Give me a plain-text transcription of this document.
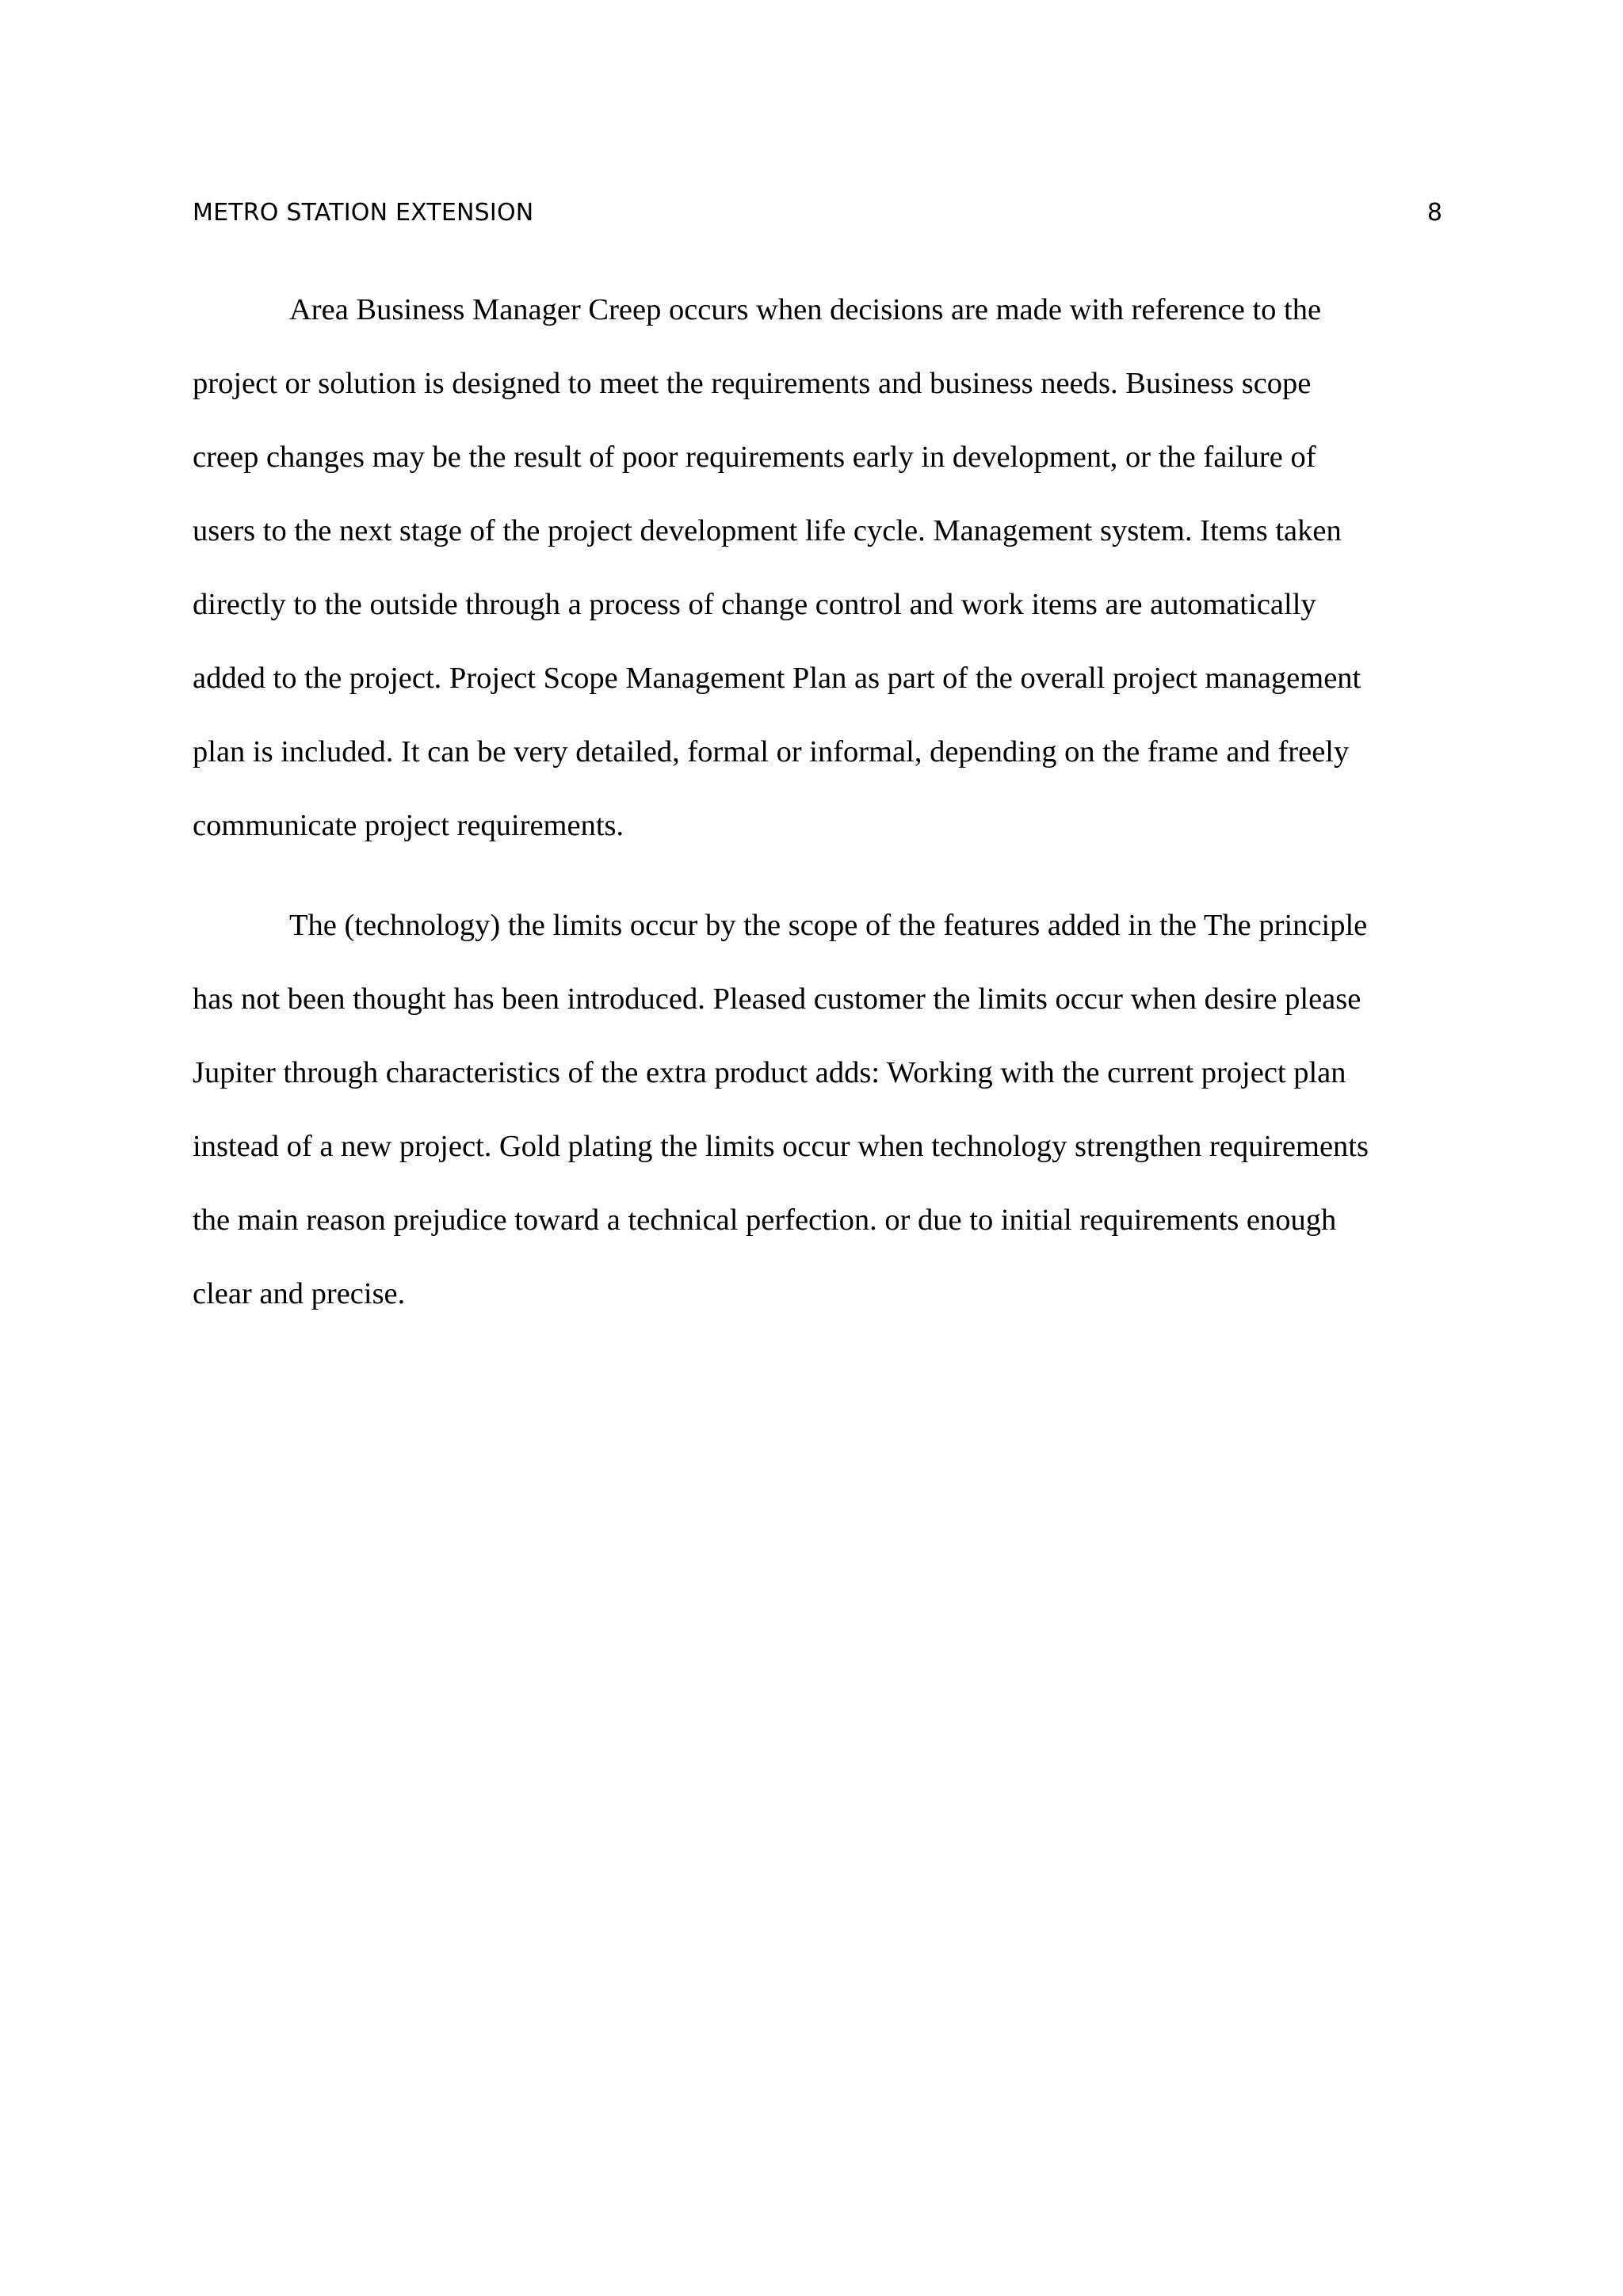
METRO STATION EXTENSION	8
Area Business Manager Creep occurs when decisions are made with reference to the
project or solution is designed to meet the requirements and business needs. Business scope
creep changes may be the result of poor requirements early in development, or the failure of
users to the next stage of the project development life cycle. Management system. Items taken
directly to the outside through a process of change control and work items are automatically
added to the project. Project Scope Management Plan as part of the overall project management
plan is included. It can be very detailed, formal or informal, depending on the frame and freely
communicate project requirements.
The (technology) the limits occur by the scope of the features added in the The principle
has not been thought has been introduced. Pleased customer the limits occur when desire please
Jupiter through characteristics of the extra product adds: Working with the current project plan
instead of a new project. Gold plating the limits occur when technology strengthen requirements
the main reason prejudice toward a technical perfection. or due to initial requirements enough
clear and precise.
